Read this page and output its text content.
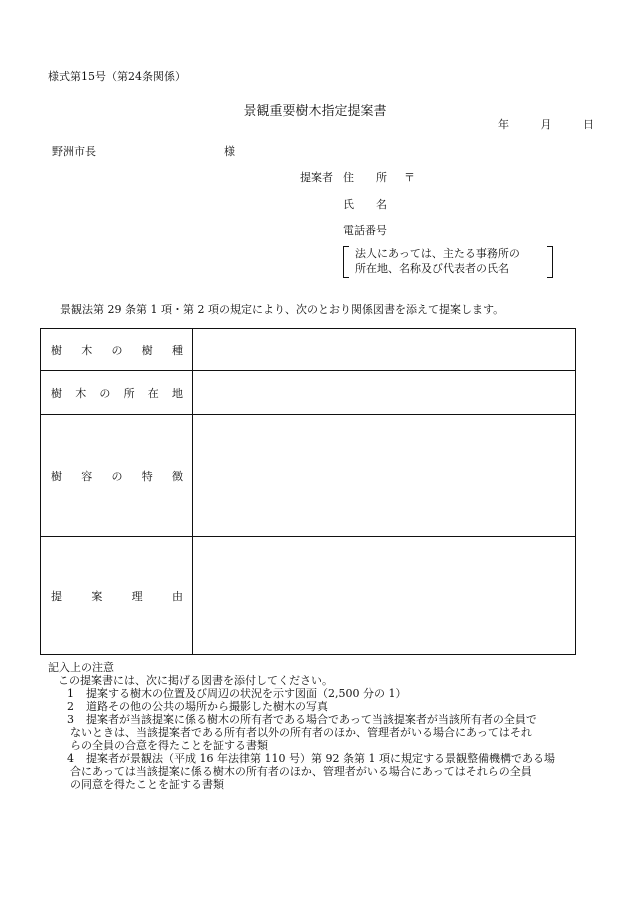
様式第15号（第24条関係）
景観重要樹木指定提案書
年	月	日
野洲市長	様
提案者 住　　所 〒
氏　　名
電話番号
法人にあっては、主たる事務所の
所在地、名称及び代表者の氏名
景観法第 29 条第 1 項・第 2 項の規定により、次のとおり関係図書を添えて提案します。
樹木の樹種
樹木の所在地
樹容の特徴
提案理由
記入上の注意
この提案書には、次に掲げる図書を添付してください。
1 提案する樹木の位置及び周辺の状況を示す図面（2,500 分の 1）
2 道路その他の公共の場所から撮影した樹木の写真
3 提案者が当該提案に係る樹木の所有者である場合であって当該提案者が当該所有者の全員で
ないときは、当該提案者である所有者以外の所有者のほか、管理者がいる場合にあってはそれ
らの全員の合意を得たことを証する書類
4 提案者が景観法（平成 16 年法律第 110 号）第 92 条第 1 項に規定する景観整備機構である場
合にあっては当該提案に係る樹木の所有者のほか、管理者がいる場合にあってはそれらの全員
の同意を得たことを証する書類
